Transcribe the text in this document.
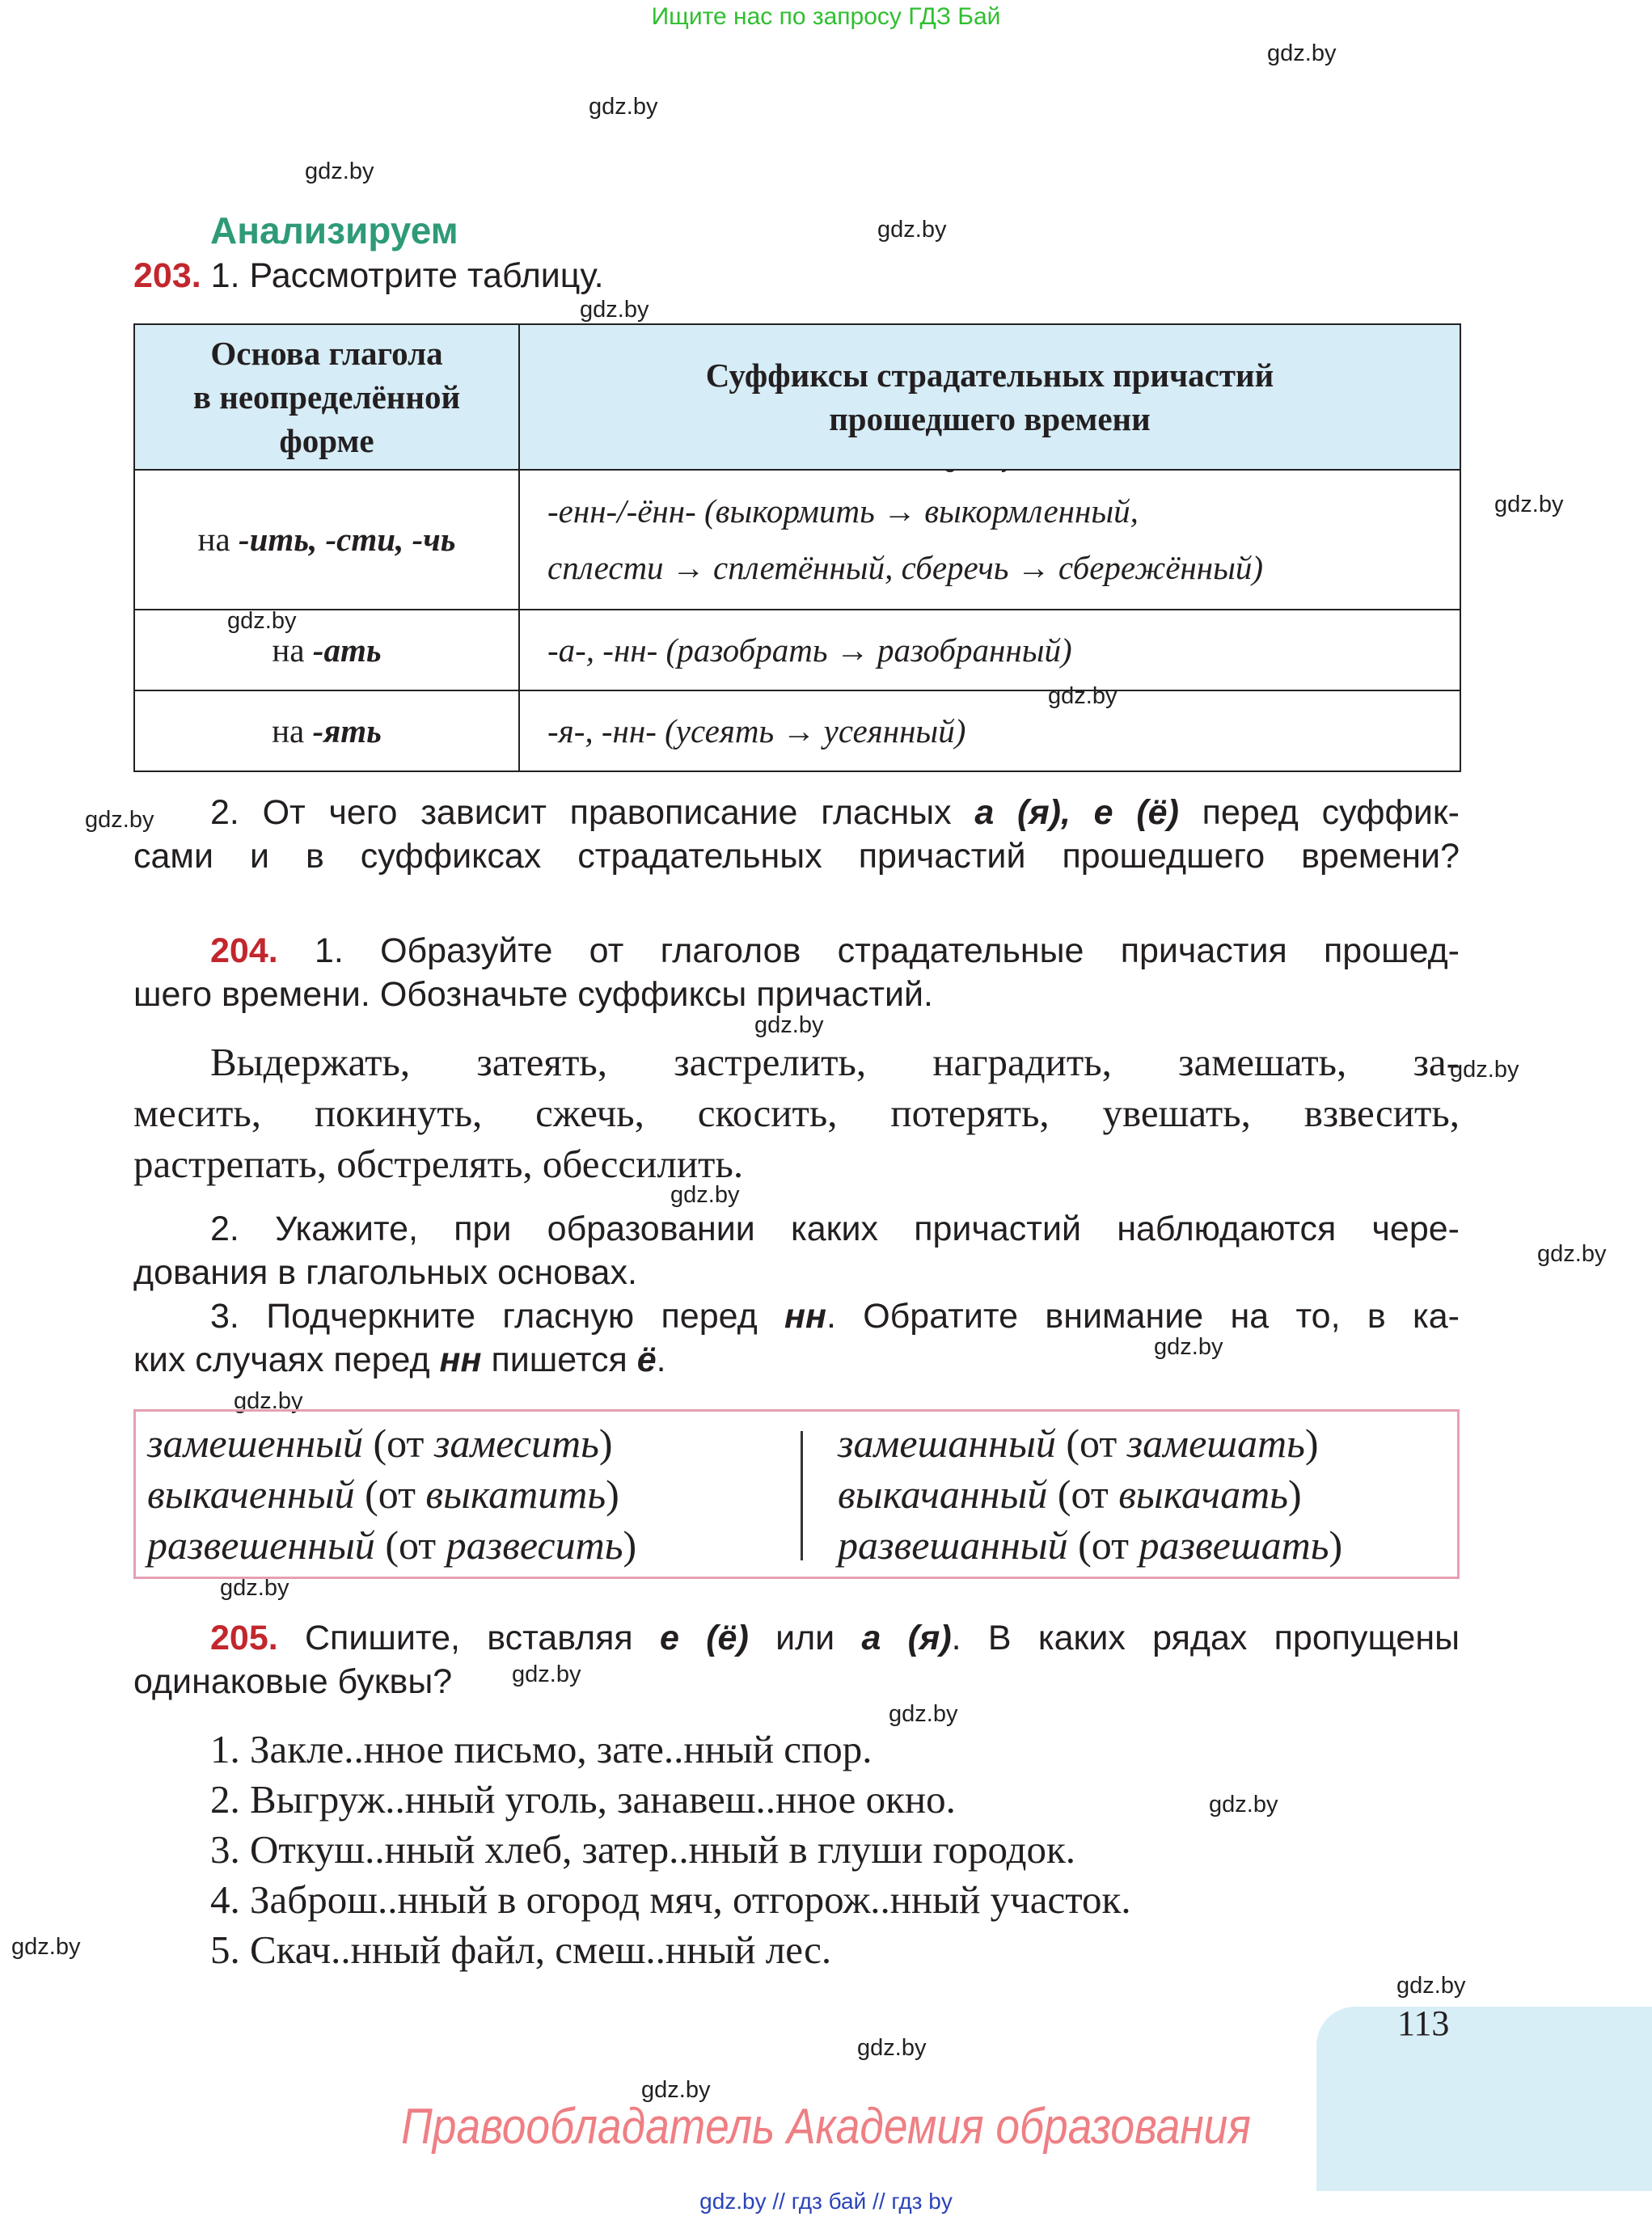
Ищите нас по запросу ГДЗ Бай
gdz.by
gdz.by
gdz.by
gdz.by
gdz.by
gdz.by
gdz.by
gdz.by
gdz.by
gdz.by
gdz.by
gdz.by
gdz.by
gdz.by
gdz.by
gdz.by
gdz.by
gdz.by
gdz.by
gdz.by
gdz.by
gdz.by
gdz.by
Анализируем
203. 1. Рассмотрите таблицу.
Основа глагола
в неопределённой
форме	Суффиксы страдательных причастий
прошедшего времени
на -ить, -сти, -чь	-енн-/-ённ- (выкормить → выкормленный,
сплести → сплетённый, сберечь → сбережённый)
на -ать	-а-, -нн- (разобрать → разобранный)
на -ять	-я-, -нн- (усеять → усеянный)
2. От чего зависит правописание гласных а (я), е (ё) перед суффик-
сами и в суффиксах страдательных причастий прошедшего времени?
204. 1. Образуйте от глаголов страдательные причастия прошед-
шего времени. Обозначьте суффиксы причастий.
Выдержать, затеять, застрелить, наградить, замешать, за-
месить, покинуть, сжечь, скосить, потерять, увешать, взвесить,
растрепать, обстрелять, обессилить.
2. Укажите, при образовании каких причастий наблюдаются чере-
дования в глагольных основах.
3. Подчеркните гласную перед нн. Обратите внимание на то, в ка-
ких случаях перед нн пишется ё.
замешенный (от замесить)
выкаченный (от выкатить)
развешенный (от развесить)
замешанный (от замешать)
выкачанный (от выкачать)
развешанный (от развешать)
205. Спишите, вставляя е (ё) или а (я). В каких рядах пропущены
одинаковые буквы?
1. Закле..нное письмо, зате..нный спор.
2. Выгруж..нный уголь, занавеш..нное окно.
3. Откуш..нный хлеб, затер..нный в глуши городок.
4. Заброш..нный в огород мяч, отгорож..нный участок.
5. Скач..нный файл, смеш..нный лес.
113
Правообладатель Академия образования
gdz.by // гдз бай // гдз by
